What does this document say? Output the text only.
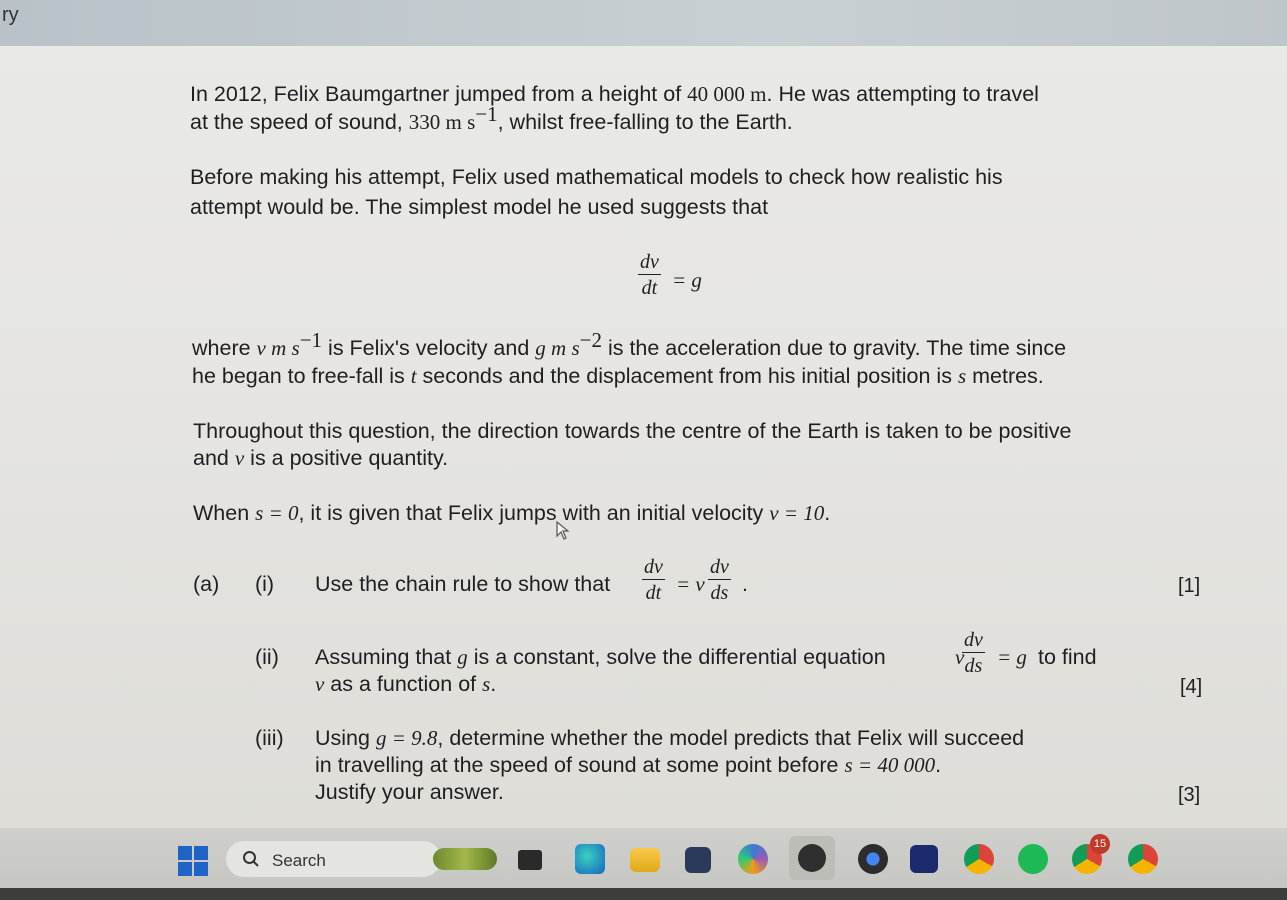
ry
In 2012, Felix Baumgartner jumped from a height of 40 000 m. He was attempting to travel
at the speed of sound, 330 m $s^{-1}$, whilst free-falling to the Earth.
Before making his attempt, Felix used mathematical models to check how realistic his
attempt would be. The simplest model he used suggests that
$\frac{dv}{dt} = g$
where v m $s^{-1}$ is Felix's velocity and g m $s^{-2}$ is the acceleration due to gravity. The time since
he began to free-fall is t seconds and the displacement from his initial position is s metres.
Throughout this question, the direction towards the centre of the Earth is taken to be positive
and v is a positive quantity.
When s = 0, it is given that Felix jumps with an initial velocity v = 10.
(a) (i) Use the chain rule to show that $\frac{dv}{dt} = v \frac{dv}{ds}$ .	[1]
(ii) Assuming that g is a constant, solve the differential equation	v
$\frac{dv}{ds} = g$ to find
v as a function of s.	[4]
(iii) Using g = 9.8, determine whether the model predicts that Felix will succeed
in travelling at the speed of sound at some point before s = 40 000.
Justify your answer.	[3]
Search
15
